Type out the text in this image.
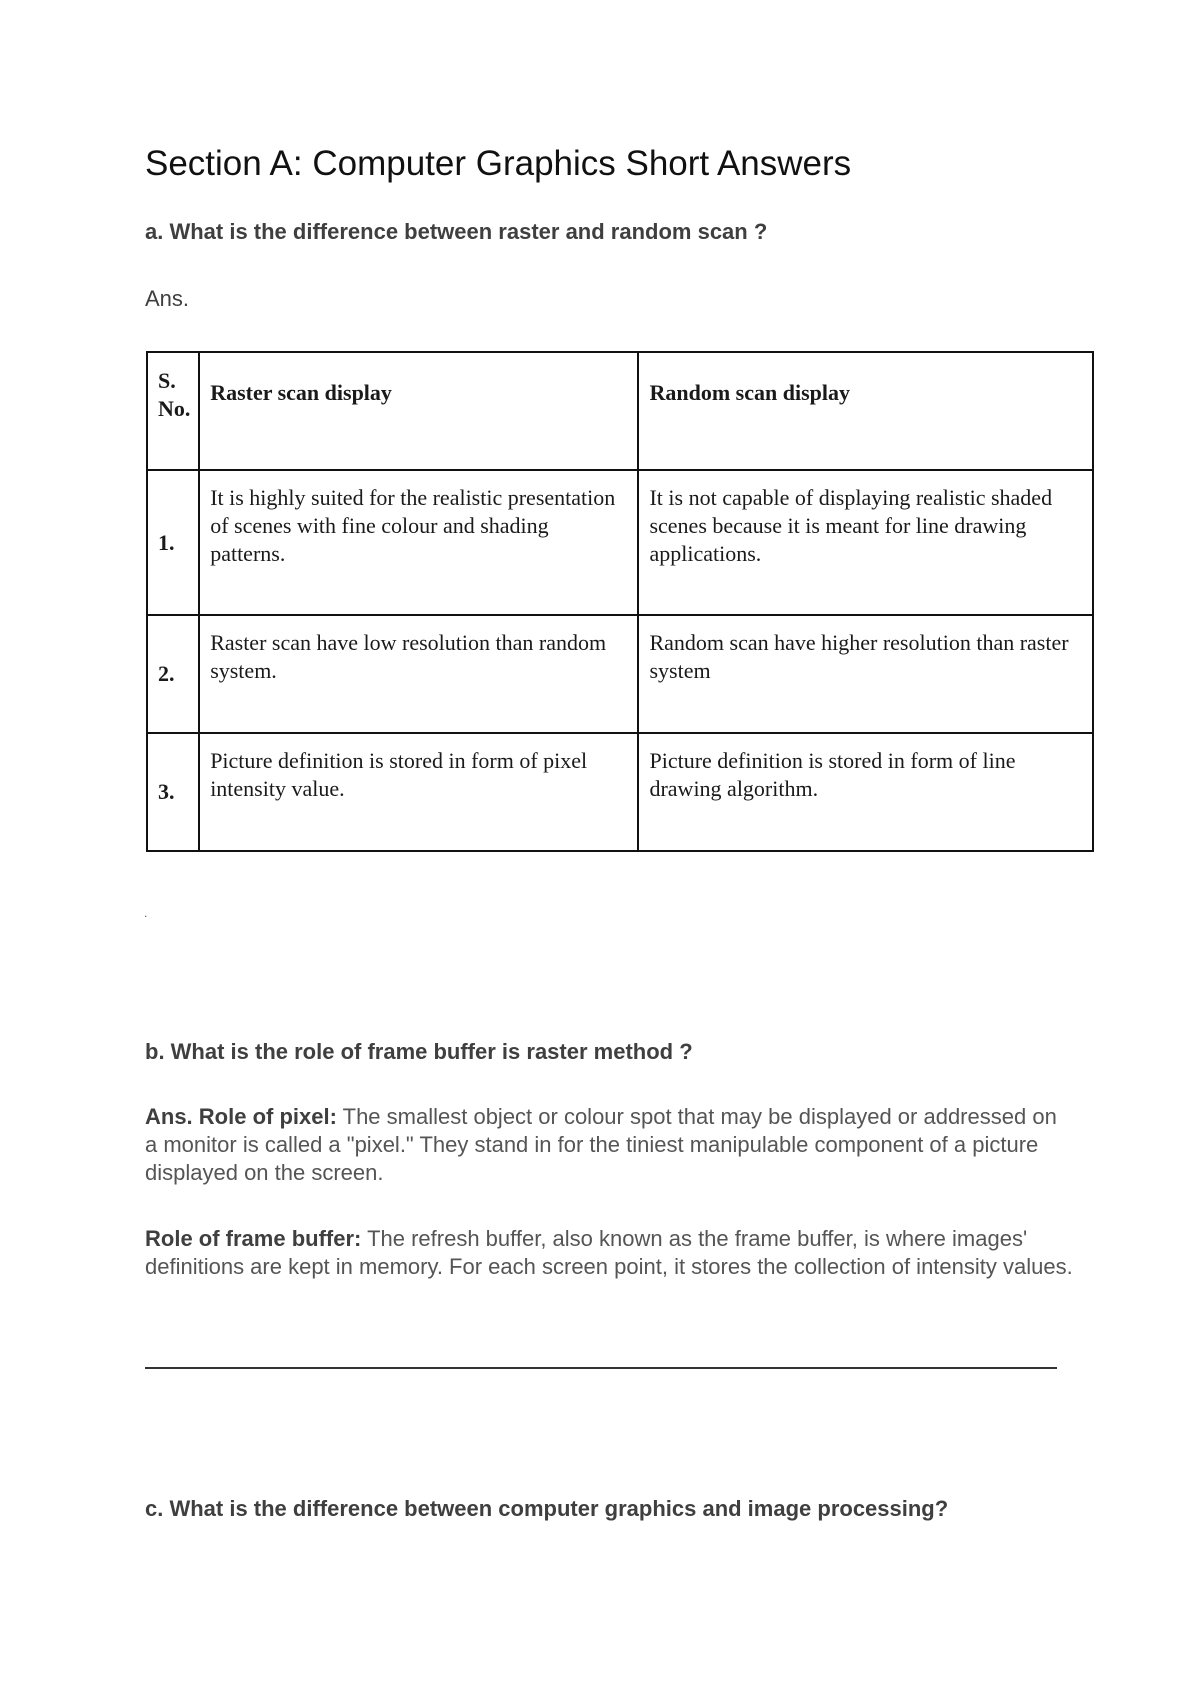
Section A: Computer Graphics Short Answers

a. What is the difference between raster and random scan ?

Ans.

S. No.	Raster scan display	Random scan display
1.	It is highly suited for the realistic presentation of scenes with fine colour and shading patterns.	It is not capable of displaying realistic shaded scenes because it is meant for line drawing applications.
2.	Raster scan have low resolution than random system.	Random scan have higher resolution than raster system
3.	Picture definition is stored in form of pixel intensity value.	Picture definition is stored in form of line drawing algorithm.

.

b. What is the role of frame buffer is raster method ?

Ans. Role of pixel: The smallest object or colour spot that may be displayed or addressed on a monitor is called a "pixel." They stand in for the tiniest manipulable component of a picture displayed on the screen.

Role of frame buffer: The refresh buffer, also known as the frame buffer, is where images' definitions are kept in memory. For each screen point, it stores the collection of intensity values.

c. What is the difference between computer graphics and image processing?
